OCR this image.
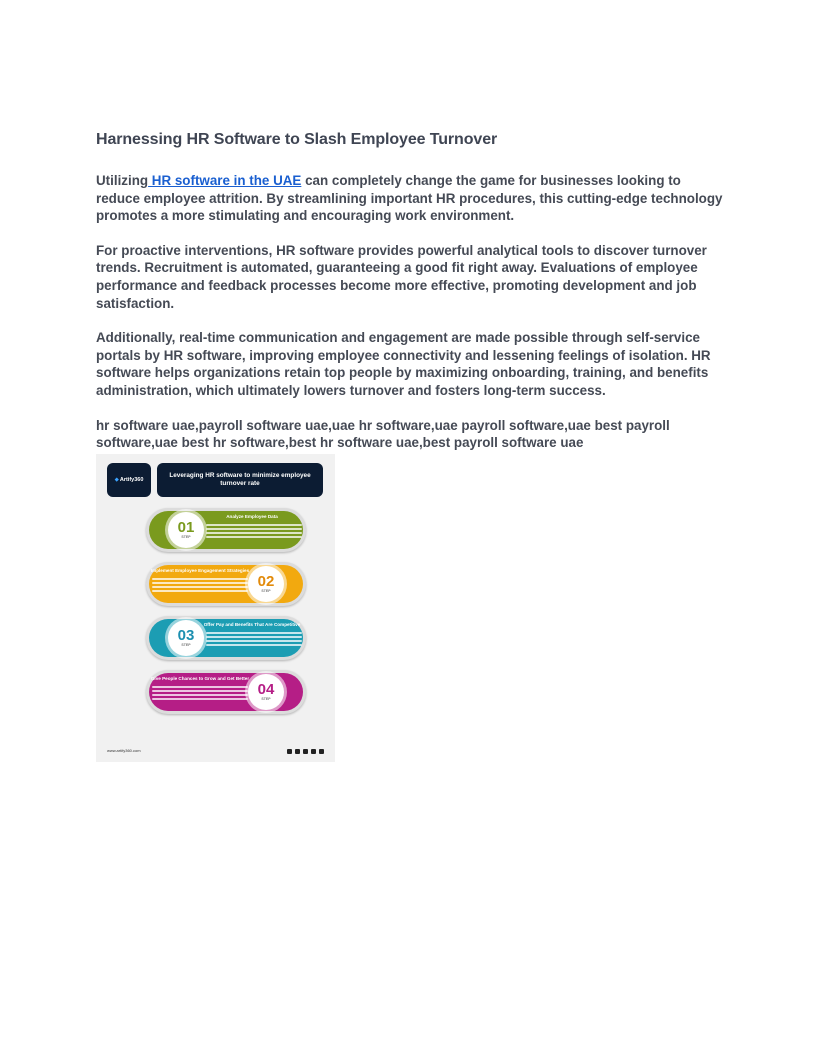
Harnessing HR Software to Slash Employee Turnover

Utilizing HR software in the UAE can completely change the game for businesses looking to reduce employee attrition. By streamlining important HR procedures, this cutting-edge technology promotes a more stimulating and encouraging work environment.

For proactive interventions, HR software provides powerful analytical tools to discover turnover trends. Recruitment is automated, guaranteeing a good fit right away. Evaluations of employee performance and feedback processes become more effective, promoting development and job satisfaction.

Additionally, real-time communication and engagement are made possible through self-service portals by HR software, improving employee connectivity and lessening feelings of isolation. HR software helps organizations retain top people by maximizing onboarding, training, and benefits administration, which ultimately lowers turnover and fosters long-term success.

hr software uae,payroll software uae,uae hr software,uae payroll software,uae best payroll software,uae best hr software,best hr software uae,best payroll software uae

◆ Artify360
Leveraging HR software to minimize employee turnover rate
01
STEP
Analyze Employee Data
02
STEP
Implement Employee Engagement Strategies
03
STEP
Offer Pay and Benefits That Are Competitive
04
STEP
Give People Chances to Grow and Get Better
www.artify360.com
